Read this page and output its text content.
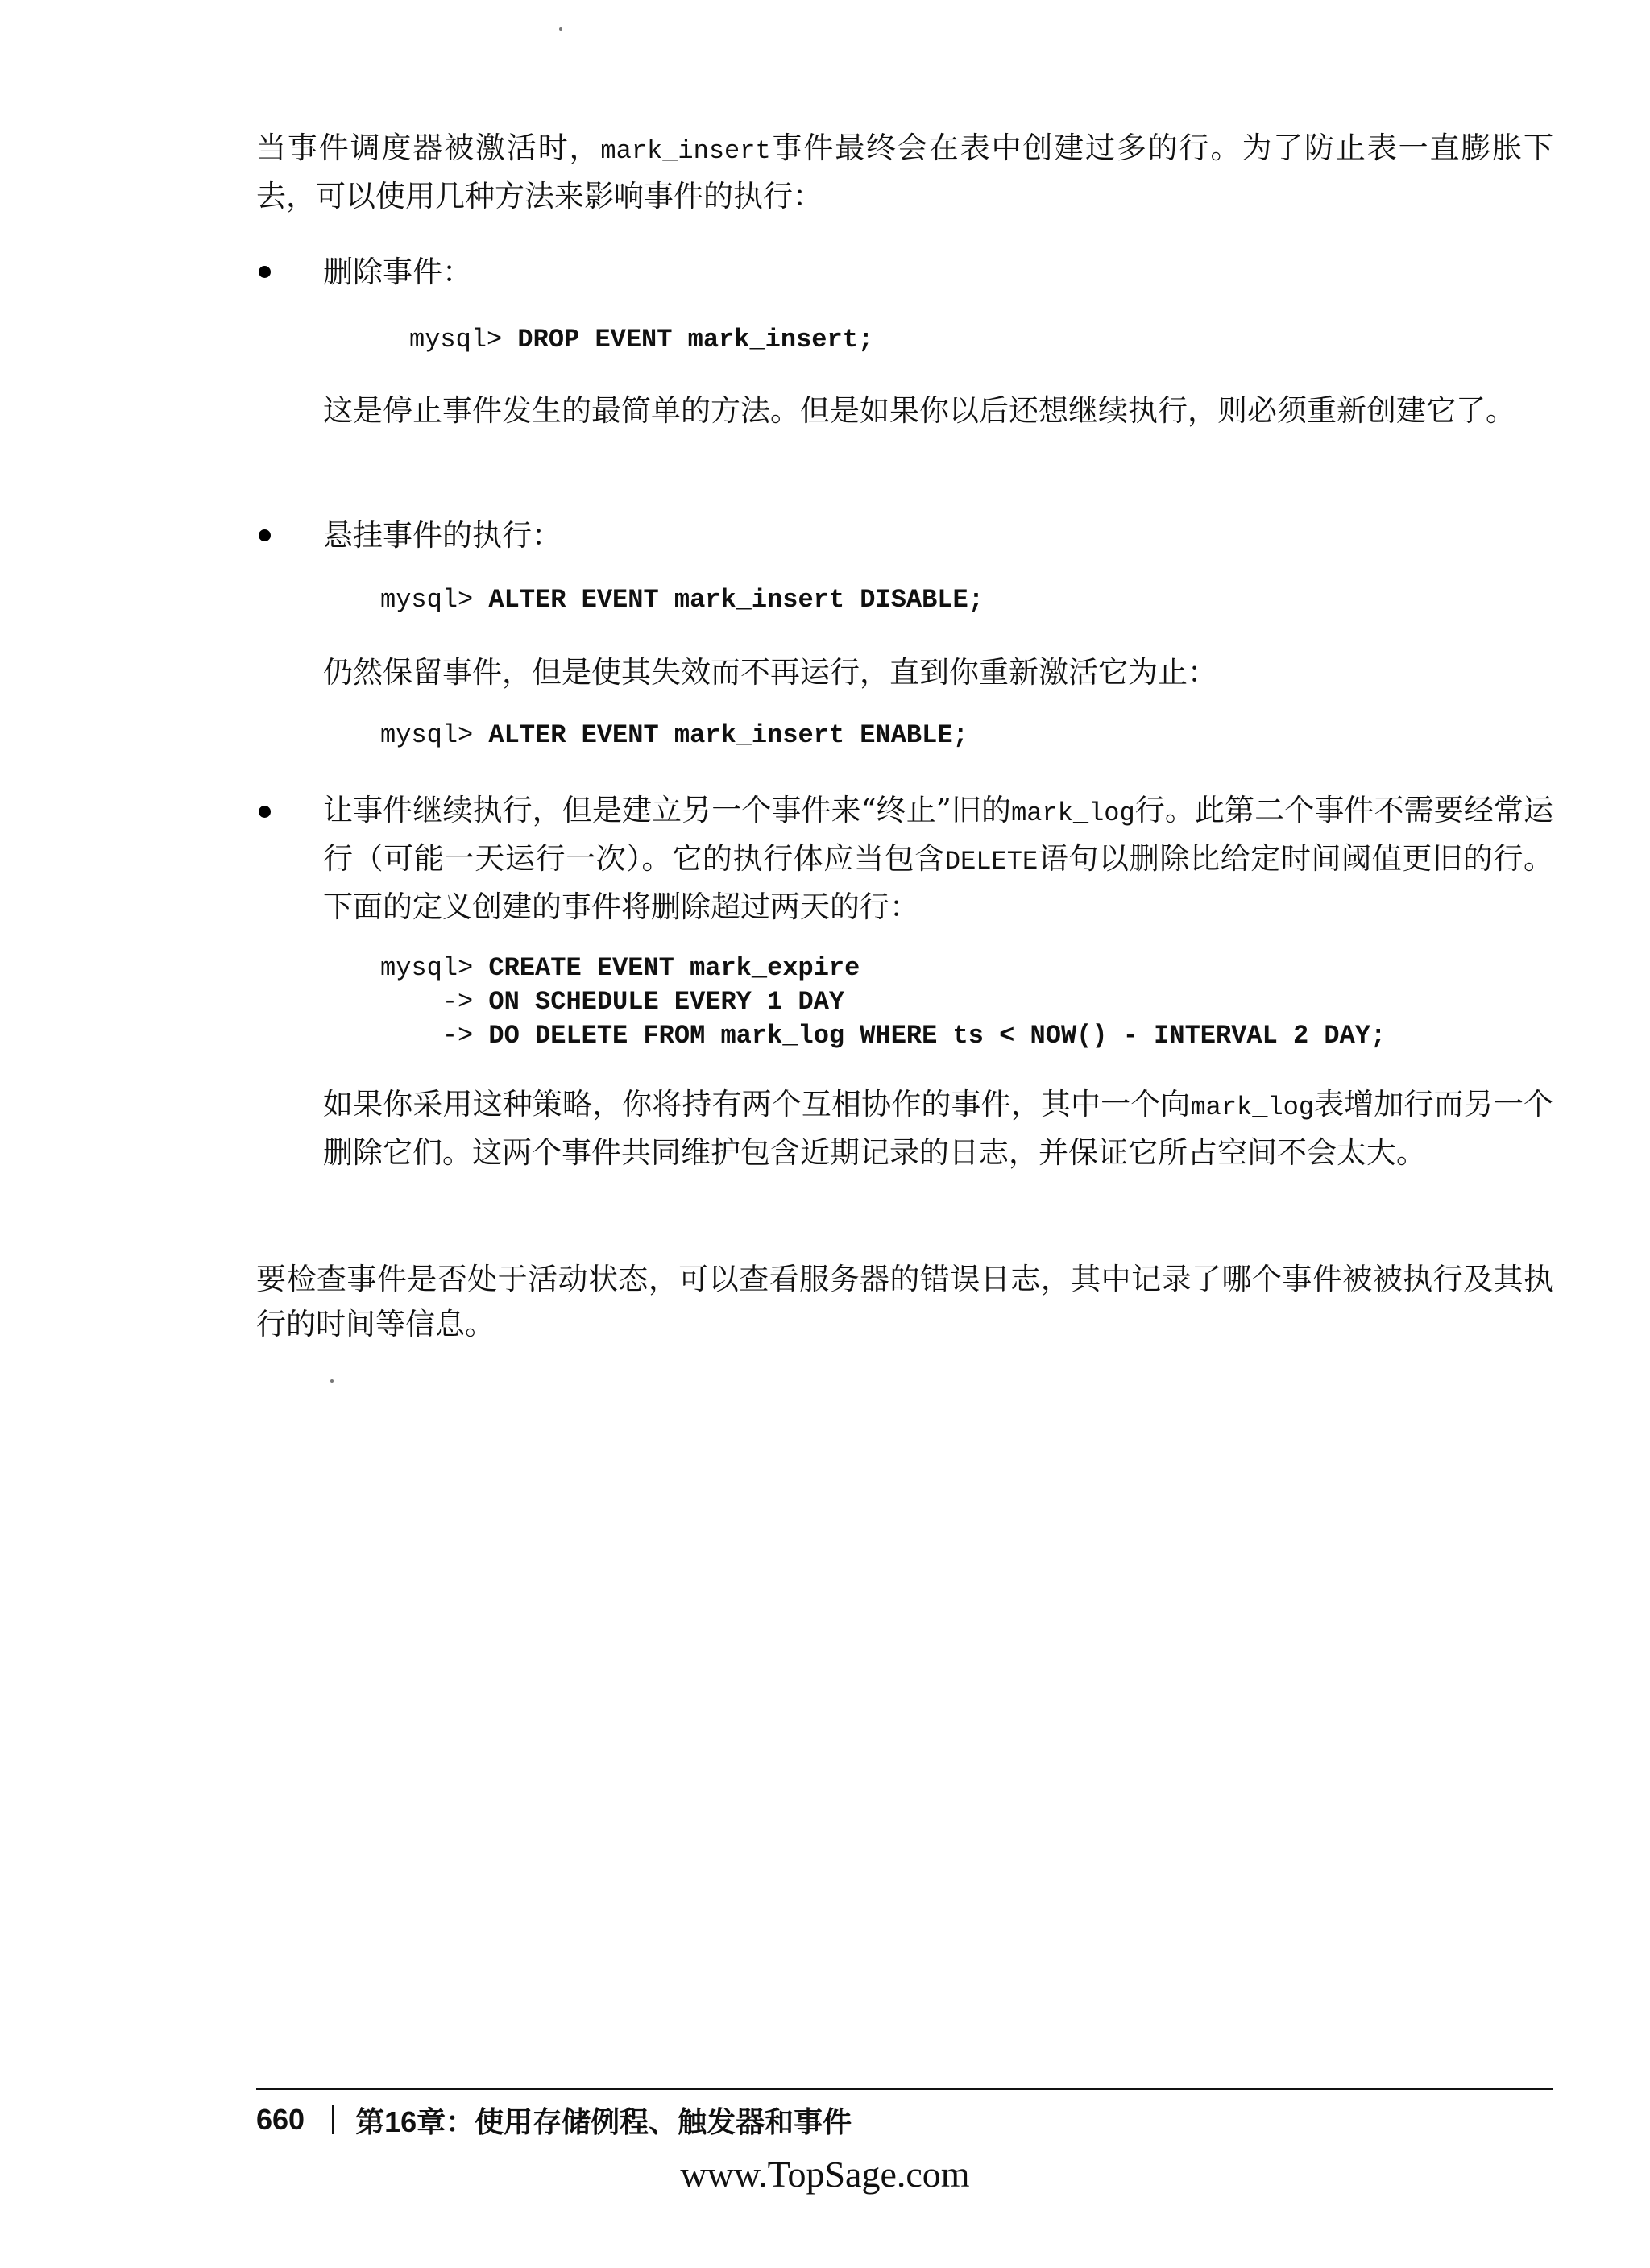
当事件调度器被激活时，mark_insert事件最终会在表中创建过多的行。为了防止表一直膨胀下去，可以使用几种方法来影响事件的执行：

删除事件：

mysql> DROP EVENT mark_insert;

这是停止事件发生的最简单的方法。但是如果你以后还想继续执行，则必须重新创建它了。

悬挂事件的执行：

mysql> ALTER EVENT mark_insert DISABLE;

仍然保留事件，但是使其失效而不再运行，直到你重新激活它为止：

mysql> ALTER EVENT mark_insert ENABLE;

让事件继续执行，但是建立另一个事件来“终止”旧的mark_log行。此第二个事件不需要经常运行（可能一天运行一次）。它的执行体应当包含DELETE语句以删除比给定时间阈值更旧的行。下面的定义创建的事件将删除超过两天的行：

mysql> CREATE EVENT mark_expire
-> ON SCHEDULE EVERY 1 DAY
-> DO DELETE FROM mark_log WHERE ts < NOW() - INTERVAL 2 DAY;

如果你采用这种策略，你将持有两个互相协作的事件，其中一个向mark_log表增加行而另一个删除它们。这两个事件共同维护包含近期记录的日志，并保证它所占空间不会太大。

要检查事件是否处于活动状态，可以查看服务器的错误日志，其中记录了哪个事件被被执行及其执行的时间等信息。

660 第16章：使用存储例程、触发器和事件
www.TopSage.com
